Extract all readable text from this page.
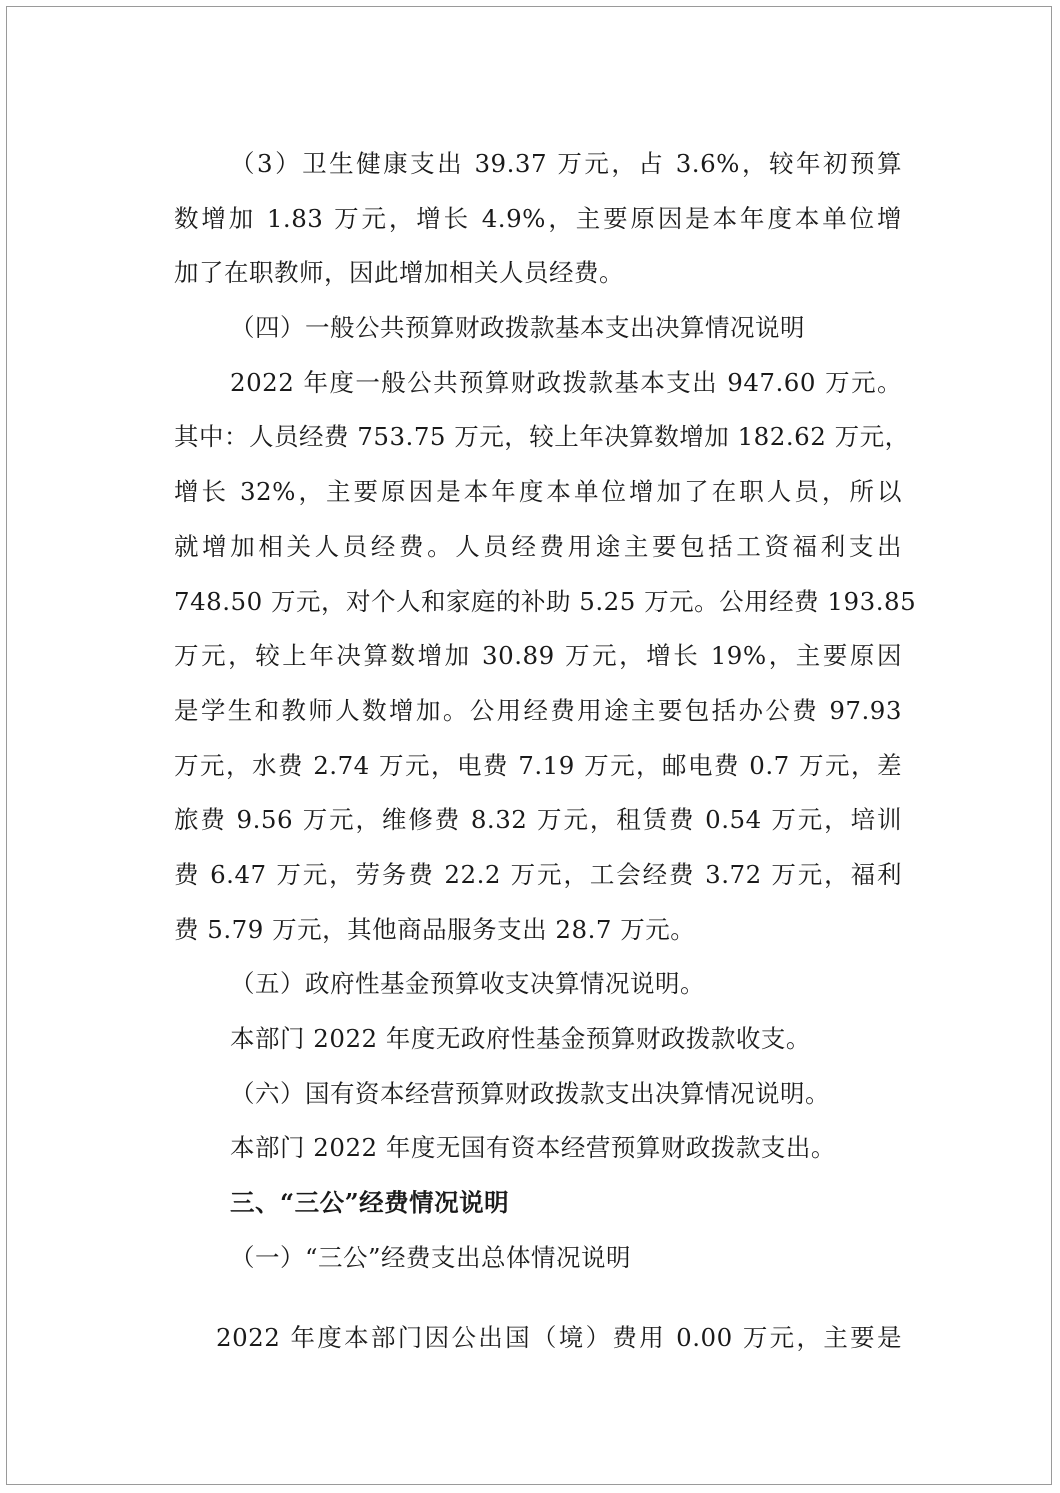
（3）卫生健康支出 39.37 万元，占 3.6%，较年初预算
数增加 1.83 万元，增长 4.9%，主要原因是本年度本单位增
加了在职教师，因此增加相关人员经费。
（四）一般公共预算财政拨款基本支出决算情况说明
2022 年度一般公共预算财政拨款基本支出 947.60 万元。
其中：人员经费 753.75 万元，较上年决算数增加 182.62 万元，
增长 32%，主要原因是本年度本单位增加了在职人员，所以
就增加相关人员经费。人员经费用途主要包括工资福利支出
748.50 万元，对个人和家庭的补助 5.25 万元。公用经费 193.85
万元，较上年决算数增加 30.89 万元，增长 19%，主要原因
是学生和教师人数增加。公用经费用途主要包括办公费 97.93
万元，水费 2.74 万元，电费 7.19 万元，邮电费 0.7 万元，差
旅费 9.56 万元，维修费 8.32 万元，租赁费 0.54 万元，培训
费 6.47 万元，劳务费 22.2 万元，工会经费 3.72 万元，福利
费 5.79 万元，其他商品服务支出 28.7 万元。
（五）政府性基金预算收支决算情况说明。
本部门 2022 年度无政府性基金预算财政拨款收支。
（六）国有资本经营预算财政拨款支出决算情况说明。
本部门 2022 年度无国有资本经营预算财政拨款支出。
三、“三公”经费情况说明
（一）“三公”经费支出总体情况说明
2022 年度本部门因公出国（境）费用 0.00 万元，主要是
